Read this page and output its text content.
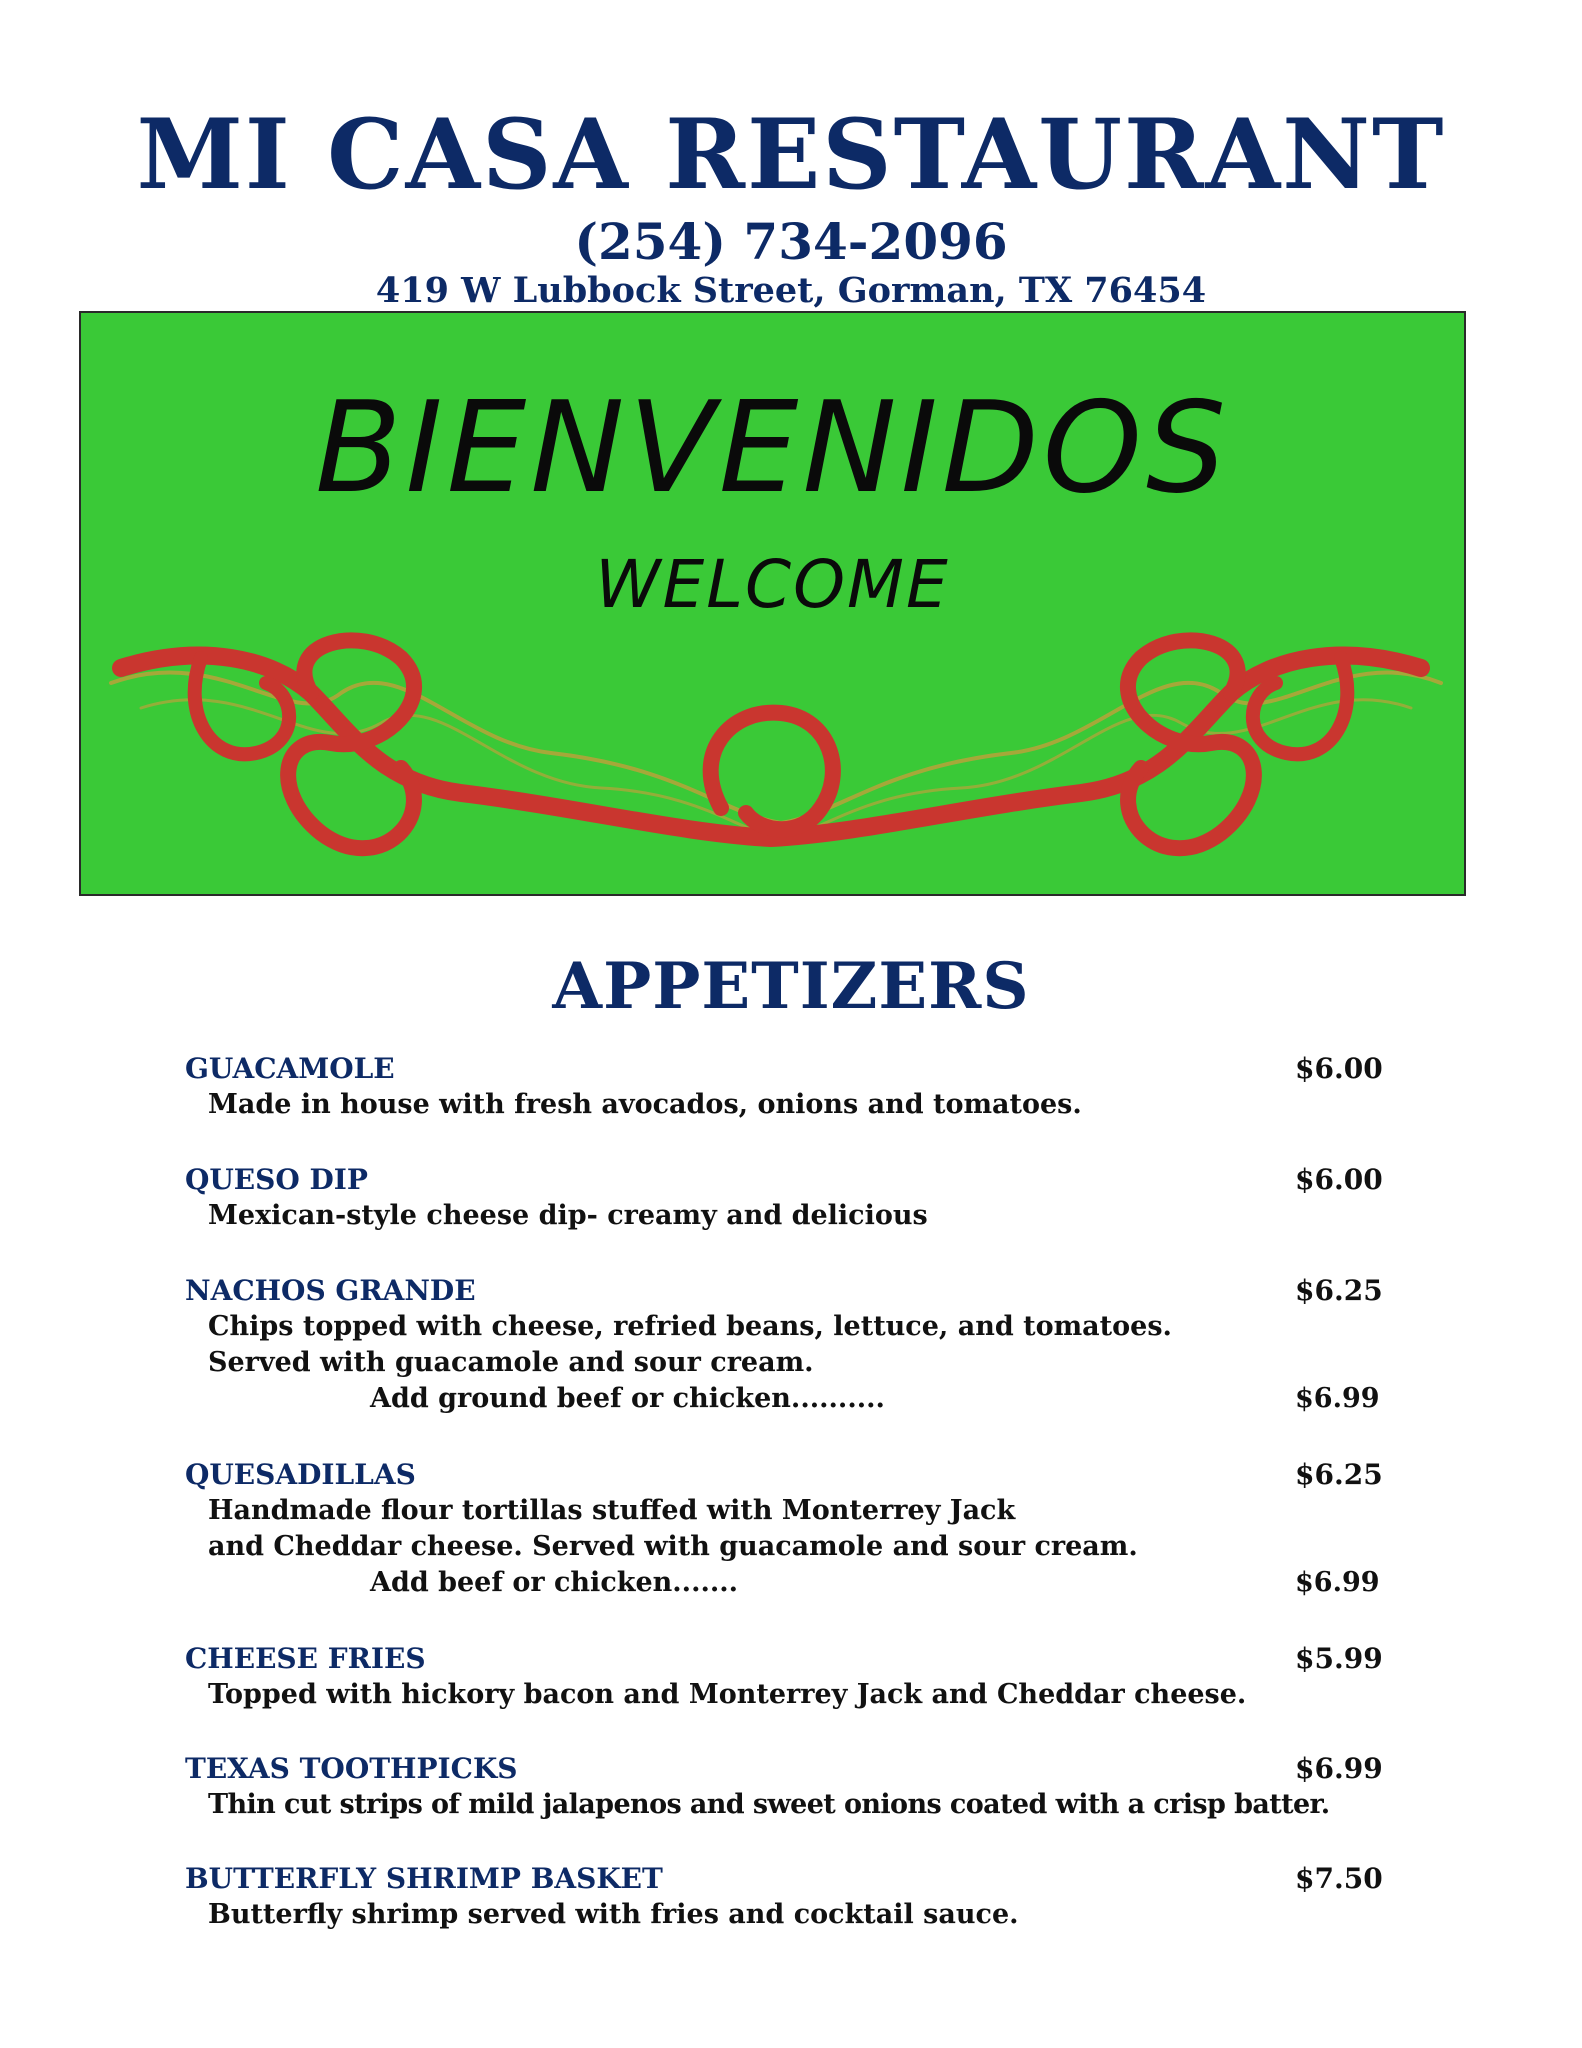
MI CASA RESTAURANT
(254) 734-2096
419 W Lubbock Street, Gorman, TX 76454
BIENVENIDOS
WELCOME
APPETIZERS
GUACAMOLE	$6.00
Made in house with fresh avocados, onions and tomatoes.
QUESO DIP	$6.00
Mexican-style cheese dip- creamy and delicious
NACHOS GRANDE	$6.25
Chips topped with cheese, refried beans, lettuce, and tomatoes.
Served with guacamole and sour cream.
Add ground beef or chicken..........	$6.99
QUESADILLAS	$6.25
Handmade flour tortillas stuffed with Monterrey Jack
and Cheddar cheese. Served with guacamole and sour cream.
Add beef or chicken.......	$6.99
CHEESE FRIES	$5.99
Topped with hickory bacon and Monterrey Jack and Cheddar cheese.
TEXAS TOOTHPICKS	$6.99
Thin cut strips of mild jalapenos and sweet onions coated with a crisp batter.
BUTTERFLY SHRIMP BASKET	$7.50
Butterfly shrimp served with fries and cocktail sauce.
